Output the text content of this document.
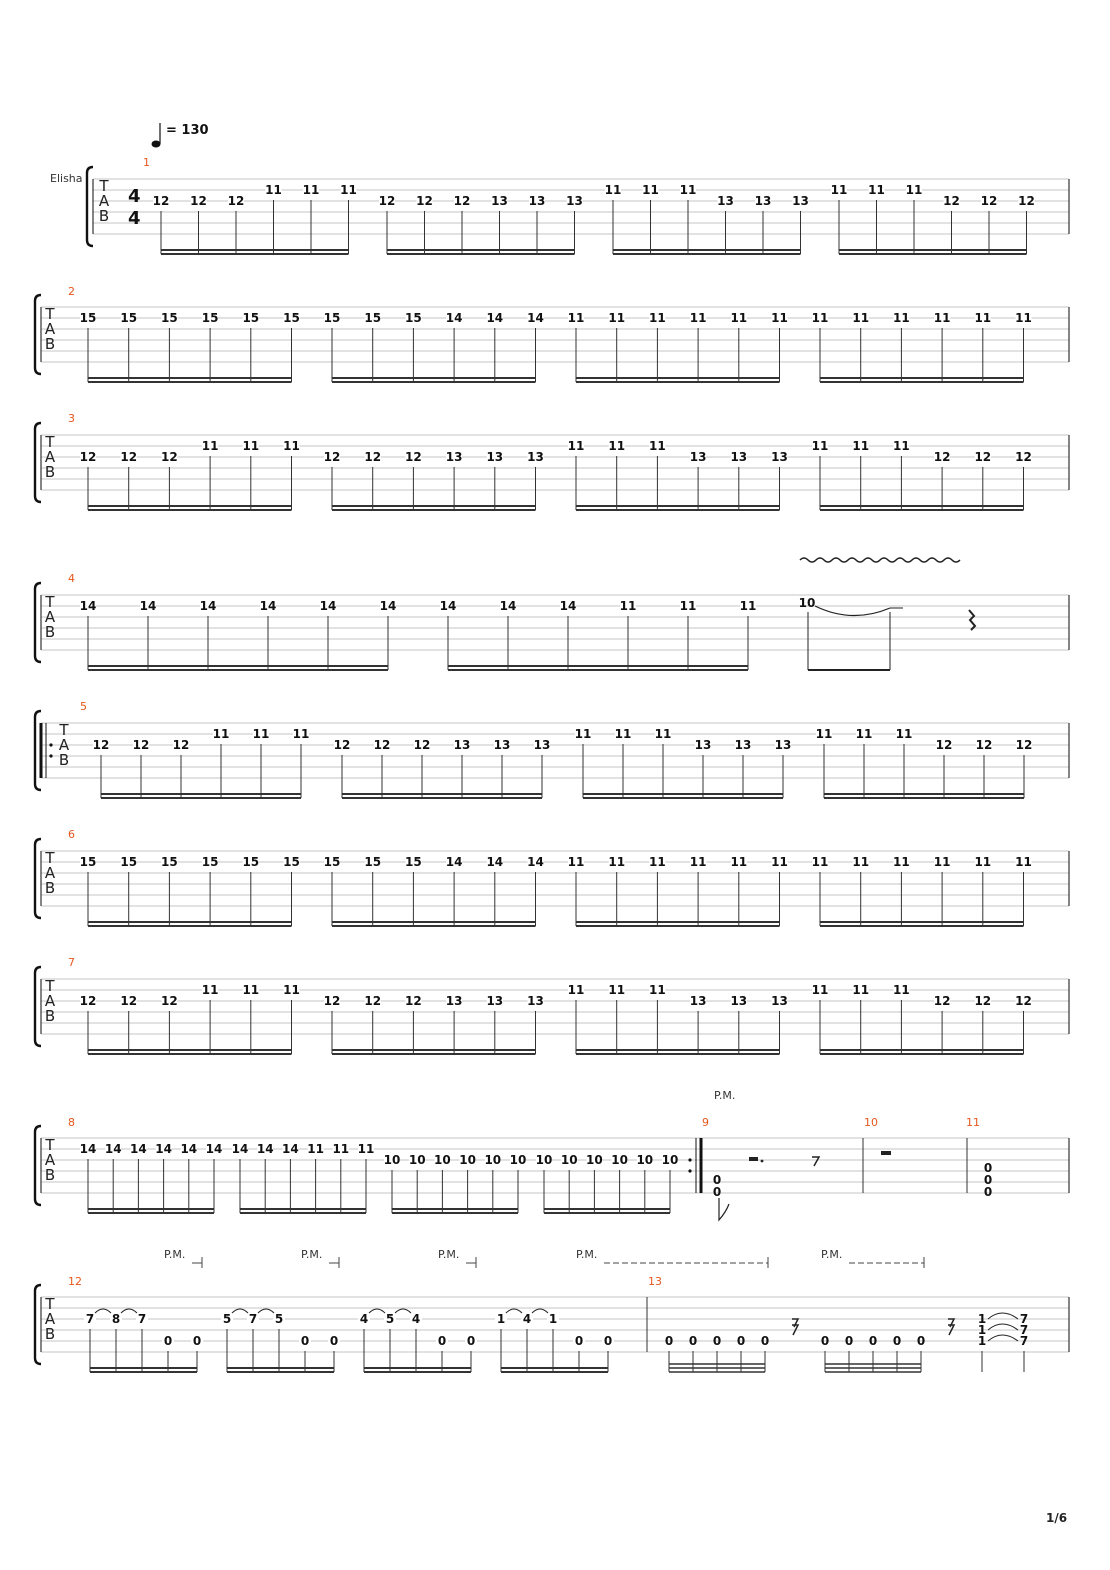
= 130
Elisha T
A
B
T
A
B
T
A
B
T
A
B
T
A
B
T
A
B
T
A
B
T
A
B
T
A
B
4
4
1
2
3
4
5
6
7
8	9	10	11
12	13
12 12 12
11 11 11
12 12 12 13 13 13
11 11 11
13 13 13
11 11 11
12 12 12
15 15 15 15 15 15 15 15 15 14 14 14 11 11 11 11 11 11 11 11 11 11 11 11
12 12 12
11 11 11
12 12 12 13 13 13
11 11 11
13 13 13
11 11 11
12 12 12
14	14	14	14	14	14	14	14	14	11	11	11
12 12 12
11 11 11
12 12 12 13 13 13
11 11 11
13 13 13
11 11 11
12 12 12
15 15 15 15 15 15 15 15 15 14 14 14 11 11 11 11 11 11 11 11 11 11 11 11
12 12 12
11 11 11
12 12 12 13 13 13
11 11 11
13 13 13
11 11 11
12 12 12
14 14 14 14 14 14 14 14 14 11 11 11
10 10 10 10 10 10 10 10 10 10 10 10
10
P.M.
0
0
0
0
0
P.M.	P.M.	P.M.	P.M.	P.M.
7 8 7
0 0
5 7 5
0 0
4 5 4
0 0
1 4 1
0 0	0 0 0 0 0	0 0 0 0 0
1	7
1	7
1	7
1/6
